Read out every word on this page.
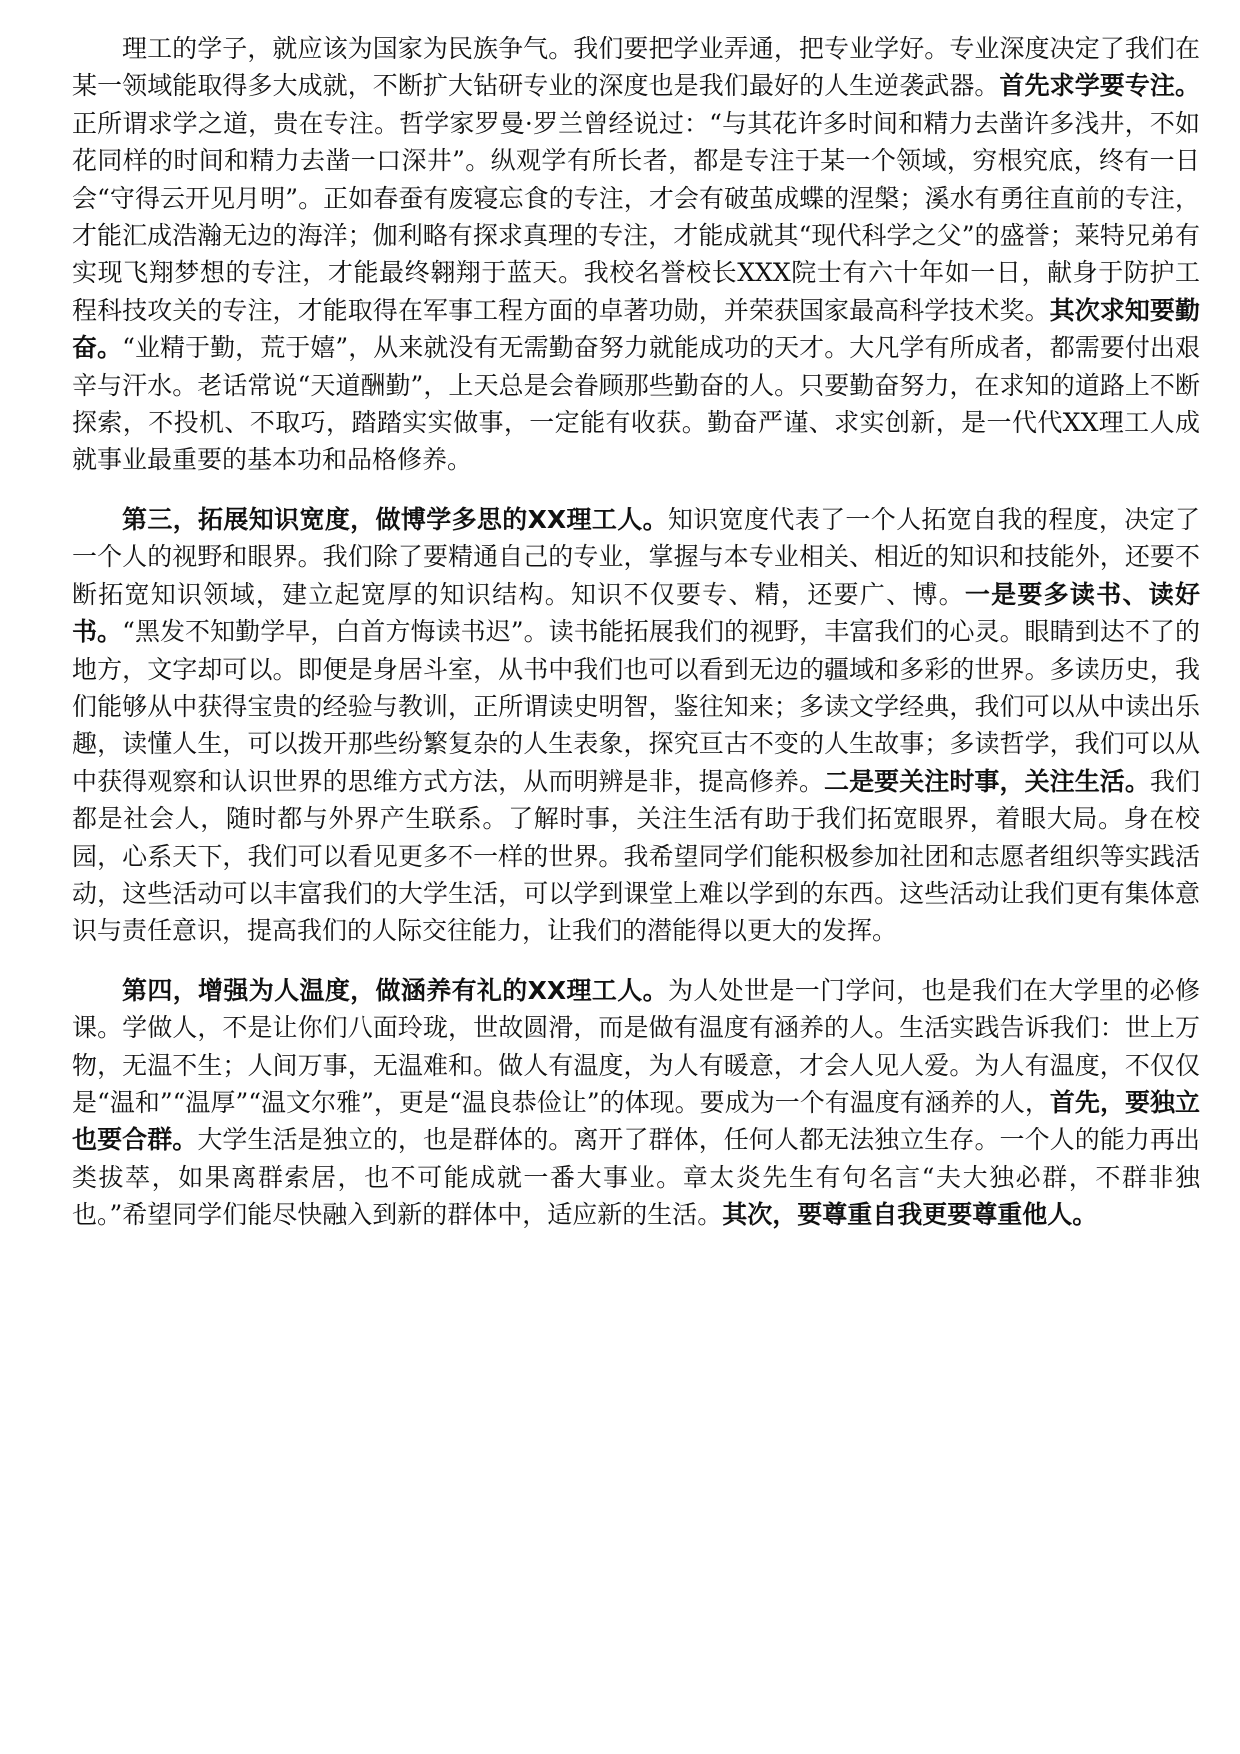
理工的学子，就应该为国家为民族争气。我们要把学业弄通，把专业学好。专业深度决定了我们在某一领域能取得多大成就，不断扩大钻研专业的深度也是我们最好的人生逆袭武器。首先求学要专注。正所谓求学之道，贵在专注。哲学家罗曼·罗兰曾经说过：“与其花许多时间和精力去凿许多浅井，不如花同样的时间和精力去凿一口深井”。纵观学有所长者，都是专注于某一个领域，穷根究底，终有一日会“守得云开见月明”。正如春蚕有废寝忘食的专注，才会有破茧成蝶的涅槃；溪水有勇往直前的专注，才能汇成浩瀚无边的海洋；伽利略有探求真理的专注，才能成就其“现代科学之父”的盛誉；莱特兄弟有实现飞翔梦想的专注，才能最终翱翔于蓝天。我校名誉校长XXX院士有六十年如一日，献身于防护工程科技攻关的专注，才能取得在军事工程方面的卓著功勋，并荣获国家最高科学技术奖。其次求知要勤奋。“业精于勤，荒于嬉”，从来就没有无需勤奋努力就能成功的天才。大凡学有所成者，都需要付出艰辛与汗水。老话常说“天道酬勤”，上天总是会眷顾那些勤奋的人。只要勤奋努力，在求知的道路上不断探索，不投机、不取巧，踏踏实实做事，一定能有收获。勤奋严谨、求实创新，是一代代XX理工人成就事业最重要的基本功和品格修养。

第三，拓展知识宽度，做博学多思的XX理工人。知识宽度代表了一个人拓宽自我的程度，决定了一个人的视野和眼界。我们除了要精通自己的专业，掌握与本专业相关、相近的知识和技能外，还要不断拓宽知识领域，建立起宽厚的知识结构。知识不仅要专、精，还要广、博。一是要多读书、读好书。“黑发不知勤学早，白首方悔读书迟”。读书能拓展我们的视野，丰富我们的心灵。眼睛到达不了的地方，文字却可以。即便是身居斗室，从书中我们也可以看到无边的疆域和多彩的世界。多读历史，我们能够从中获得宝贵的经验与教训，正所谓读史明智，鉴往知来；多读文学经典，我们可以从中读出乐趣，读懂人生，可以拨开那些纷繁复杂的人生表象，探究亘古不变的人生故事；多读哲学，我们可以从中获得观察和认识世界的思维方式方法，从而明辨是非，提高修养。二是要关注时事，关注生活。我们都是社会人，随时都与外界产生联系。了解时事，关注生活有助于我们拓宽眼界，着眼大局。身在校园，心系天下，我们可以看见更多不一样的世界。我希望同学们能积极参加社团和志愿者组织等实践活动，这些活动可以丰富我们的大学生活，可以学到课堂上难以学到的东西。这些活动让我们更有集体意识与责任意识，提高我们的人际交往能力，让我们的潜能得以更大的发挥。

第四，增强为人温度，做涵养有礼的XX理工人。为人处世是一门学问，也是我们在大学里的必修课。学做人，不是让你们八面玲珑，世故圆滑，而是做有温度有涵养的人。生活实践告诉我们：世上万物，无温不生；人间万事，无温难和。做人有温度，为人有暖意，才会人见人爱。为人有温度，不仅仅是“温和”“温厚”“温文尔雅”，更是“温良恭俭让”的体现。要成为一个有温度有涵养的人，首先，要独立也要合群。大学生活是独立的，也是群体的。离开了群体，任何人都无法独立生存。一个人的能力再出类拔萃，如果离群索居，也不可能成就一番大事业。章太炎先生有句名言“夫大独必群，不群非独也。”希望同学们能尽快融入到新的群体中，适应新的生活。其次，要尊重自我更要尊重他人。
